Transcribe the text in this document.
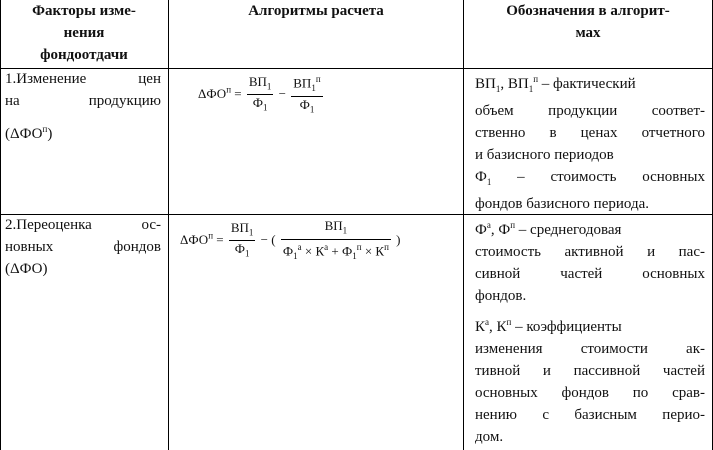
Факторы изме-
нения
фондоотдачи
Алгоритмы расчета	Обозначения в алгорит-
мах
1.Изменение цен
на продукцию
$(\Delta ФО^п)$
$\Delta ФО^п = \frac{ВП_1}{Ф_1} - \frac{ВП_1^п}{Ф_1}$	$ВП_1$, $ВП_1^п$ – фактический
объем продукции соответ-
ственно в ценах отчетного
и базисного периодов
$Ф_1$ – стоимость основных
фондов базисного периода.
2.Переоценка ос-
новных фондов
(ΔФО)
$\Delta ФО^п = \frac{ВП_1}{Ф_1}$ − ( $\frac{ВП_1}{Ф_1^а \times К^а + Ф_1^п \times К^п}$ )
$Ф^а$, $Ф^п$ – среднегодовая
стоимость активной и пас-
сивной частей основных
фондов.
$К^а$, $К^п$ – коэффициенты
изменения стоимости ак-
тивной и пассивной частей
основных фондов по срав-
нению с базисным перио-
дом.
